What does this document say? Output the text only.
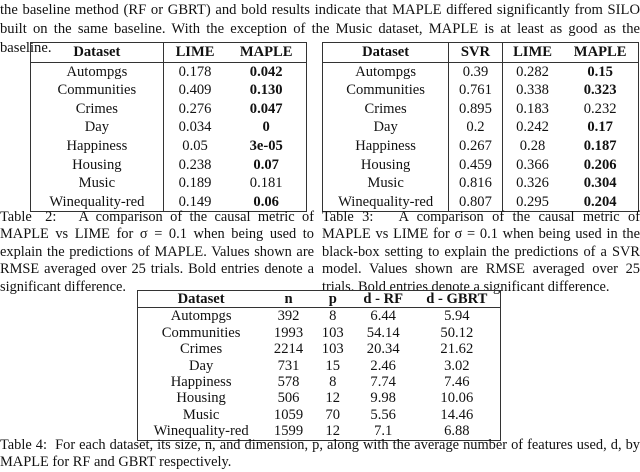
the baseline method (RF or GBRT) and bold results indicate that MAPLE differed significantly from SILO built on the same baseline. With the exception of the Music dataset, MAPLE is at least as good as the baseline.	Dataset	LIME	MAPLE
Autompgs	0.178	0.042
Communities	0.409	0.130
Crimes	0.276	0.047
Day	0.034	0
Happiness	0.05	3e-05
Housing	0.238	0.07
Music	0.189	0.181
Winequality-red	0.149	0.06
Table 2: A comparison of the causal metric of MAPLE vs LIME for σ = 0.1 when being used to explain the predictions of MAPLE. Values shown are RMSE averaged over 25 trials. Bold entries denote a significant difference.
Dataset	SVR	LIME	MAPLE
Autompgs	0.39	0.282	0.15
Communities	0.761	0.338	0.323
Crimes	0.895	0.183	0.232
Day	0.2	0.242	0.17
Happiness	0.267	0.28	0.187
Housing	0.459	0.366	0.206
Music	0.816	0.326	0.304
Winequality-red	0.807	0.295	0.204
Table 3: A comparison of the causal metric of MAPLE vs LIME for σ = 0.1 when being used in the black-box setting to explain the predictions of a SVR model. Values shown are RMSE averaged over 25 trials. Bold entries denote a significant difference.
Dataset	n	p	d - RF	d - GBRT
Autompgs	392	8	6.44	5.94
Communities	1993	103	54.14	50.12
Crimes	2214	103	20.34	21.62
Day	731	15	2.46	3.02
Happiness	578	8	7.74	7.46
Housing	506	12	9.98	10.06
Music	1059	70	5.56	14.46
Winequality-red	1599	12	7.1	6.88
Table 4: For each dataset, its size, n, and dimension, p, along with the average number of features used, d, by MAPLE for RF and GBRT respectively.
